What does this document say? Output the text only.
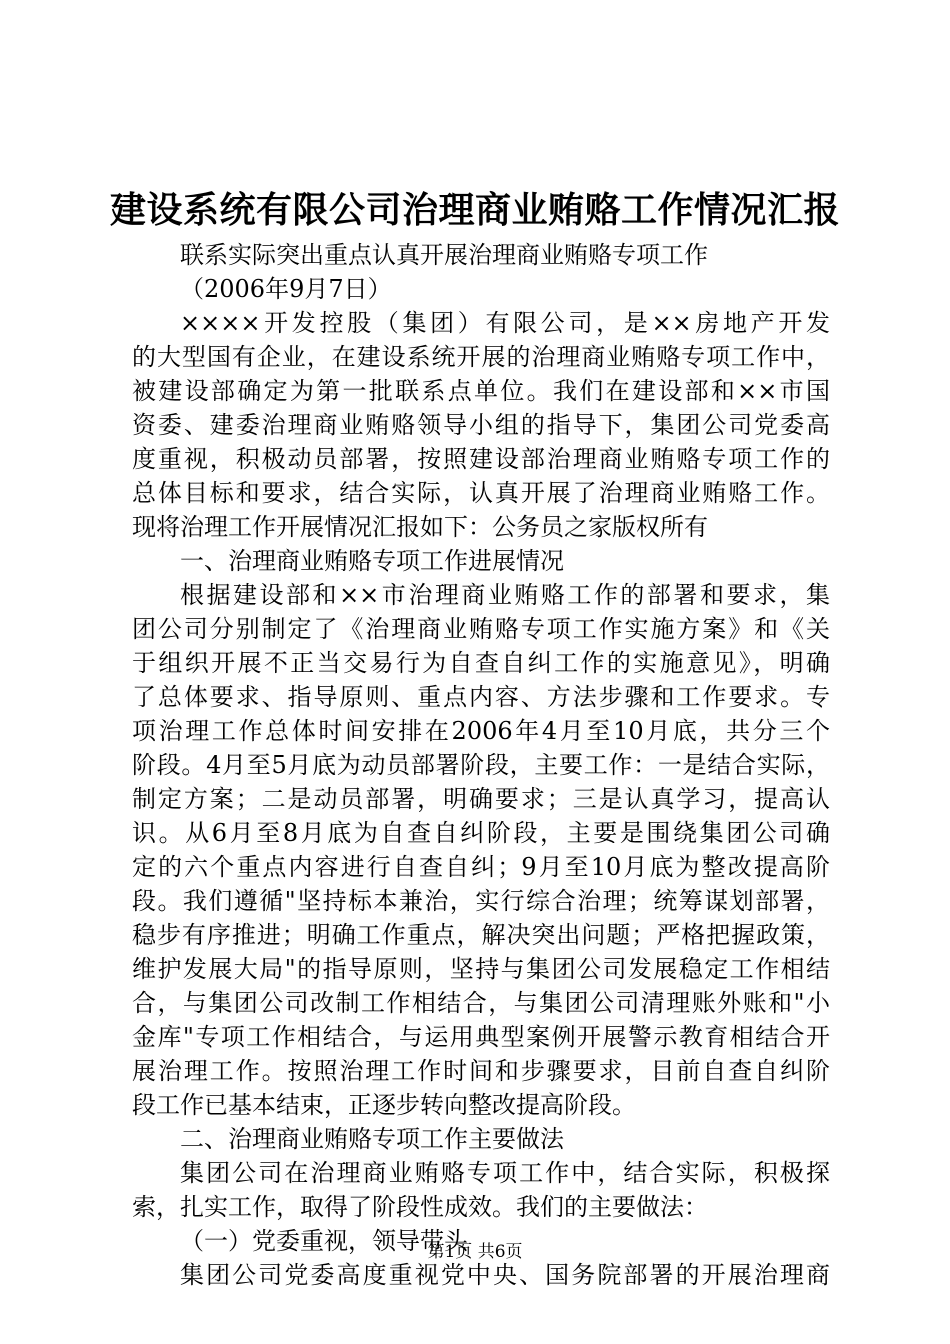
建设系统有限公司治理商业贿赂工作情况汇报
联系实际突出重点认真开展治理商业贿赂专项工作
（2006年9月7日）
××××开发控股（集团）有限公司，是××房地产开发
的大型国有企业，在建设系统开展的治理商业贿赂专项工作中，
被建设部确定为第一批联系点单位。我们在建设部和××市国
资委、建委治理商业贿赂领导小组的指导下，集团公司党委高
度重视，积极动员部署，按照建设部治理商业贿赂专项工作的
总体目标和要求，结合实际，认真开展了治理商业贿赂工作。
现将治理工作开展情况汇报如下：公务员之家版权所有
一、治理商业贿赂专项工作进展情况
根据建设部和××市治理商业贿赂工作的部署和要求，集
团公司分别制定了《治理商业贿赂专项工作实施方案》和《关
于组织开展不正当交易行为自查自纠工作的实施意见》，明确
了总体要求、指导原则、重点内容、方法步骤和工作要求。专
项治理工作总体时间安排在2006年4月至10月底，共分三个
阶段。4月至5月底为动员部署阶段，主要工作：一是结合实际，
制定方案；二是动员部署，明确要求；三是认真学习，提高认
识。从6月至8月底为自查自纠阶段，主要是围绕集团公司确
定的六个重点内容进行自查自纠；9月至10月底为整改提高阶
段。我们遵循"坚持标本兼治，实行综合治理；统筹谋划部署，
稳步有序推进；明确工作重点，解决突出问题；严格把握政策，
维护发展大局"的指导原则，坚持与集团公司发展稳定工作相结
合，与集团公司改制工作相结合，与集团公司清理账外账和"小
金库"专项工作相结合，与运用典型案例开展警示教育相结合开
展治理工作。按照治理工作时间和步骤要求，目前自查自纠阶
段工作已基本结束，正逐步转向整改提高阶段。
二、治理商业贿赂专项工作主要做法
集团公司在治理商业贿赂专项工作中，结合实际，积极探
索，扎实工作，取得了阶段性成效。我们的主要做法：
（一）党委重视，领导带头
集团公司党委高度重视党中央、国务院部署的开展治理商
第1页 共6页
